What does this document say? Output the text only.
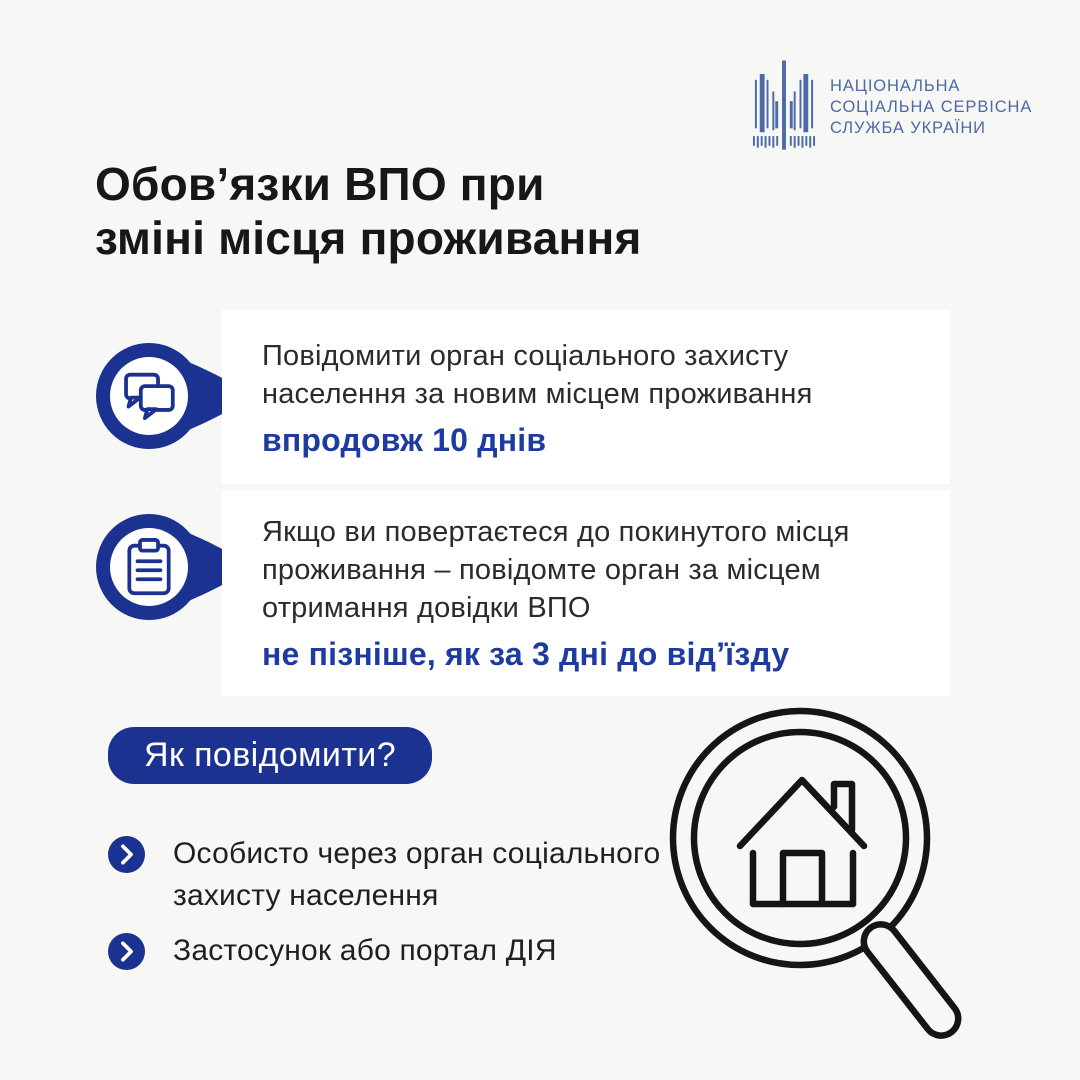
НАЦІОНАЛЬНА
СОЦІАЛЬНА СЕРВІСНА
СЛУЖБА УКРАЇНИ
Обов’язки ВПО при
зміні місця проживання
Повідомити орган соціального захисту населення за новим місцем проживання
впродовж 10 днів
Якщо ви повертаєтеся до покинутого місця проживання – повідомте орган за місцем отримання довідки ВПО
не пізніше, як за 3 дні до від’їзду
Як повідомити?
Особисто через орган соціального захисту населення
Застосунок або портал ДІЯ
